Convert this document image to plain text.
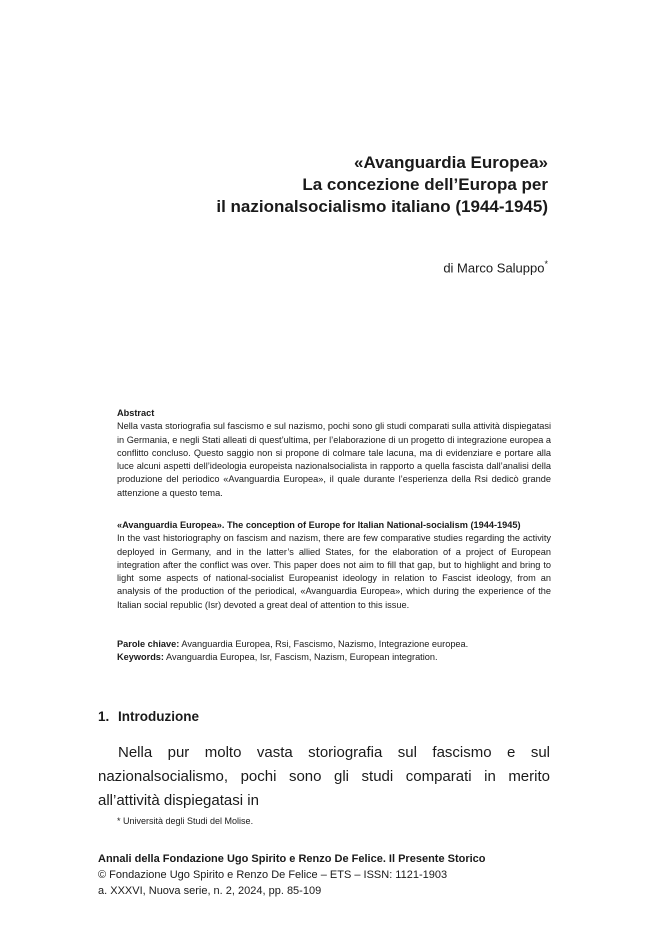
«Avanguardia Europea»
La concezione dell’Europa per
il nazionalsocialismo italiano (1944-1945)
di Marco Saluppo*
Abstract
Nella vasta storiografia sul fascismo e sul nazismo, pochi sono gli studi comparati sulla attività dispiegatasi in Germania, e negli Stati alleati di quest’ultima, per l’elaborazione di un progetto di integrazione europea a conflitto concluso. Questo saggio non si propone di colmare tale lacuna, ma di evidenziare e portare alla luce alcuni aspetti dell’ideologia europeista nazionalsocialista in rapporto a quella fascista dall’analisi della produzione del periodico «Avanguardia Europea», il quale durante l’esperienza della Rsi dedicò grande attenzione a questo tema.
«Avanguardia Europea». The conception of Europe for Italian National-socialism (1944-1945)
In the vast historiography on fascism and nazism, there are few comparative studies regarding the activity deployed in Germany, and in the latter’s allied States, for the elaboration of a project of European integration after the conflict was over. This paper does not aim to fill that gap, but to highlight and bring to light some aspects of national-socialist Europeanist ideology in relation to Fascist ideology, from an analysis of the production of the periodical, «Avanguardia Europea», which during the experience of the Italian social republic (Isr) devoted a great deal of attention to this issue.
Parole chiave: Avanguardia Europea, Rsi, Fascismo, Nazismo, Integrazione europea.
Keywords: Avanguardia Europea, Isr, Fascism, Nazism, European integration.
1. Introduzione
Nella pur molto vasta storiografia sul fascismo e sul nazionalsocialismo, pochi sono gli studi comparati in merito all’attività dispiegatasi in
* Università degli Studi del Molise.
Annali della Fondazione Ugo Spirito e Renzo De Felice. Il Presente Storico
© Fondazione Ugo Spirito e Renzo De Felice – ETS – ISSN: 1121-1903
a. XXXVI, Nuova serie, n. 2, 2024, pp. 85-109
